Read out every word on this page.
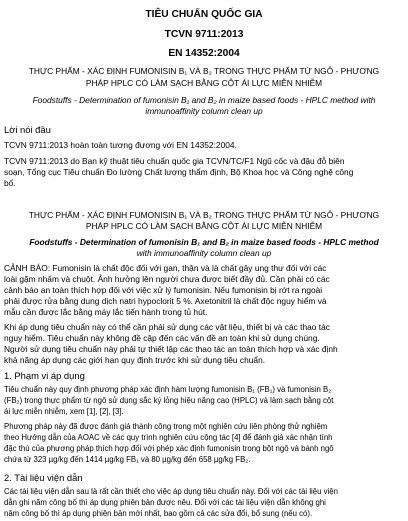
TIÊU CHUẨN QUỐC GIA
TCVN 9711:2013
EN 14352:2004
THỰC PHẨM - XÁC ĐỊNH FUMONISIN B₁ VÀ B₂ TRONG THỰC PHẨM TỪ NGÔ - PHƯƠNG
PHÁP HPLC CÓ LÀM SẠCH BẰNG CỘT ÁI LỰC MIỄN NHIỄM
Foodstuffs - Determination of fumonisin B₁ and B₂ in maize based foods - HPLC method with
immunoaffinity column clean up
Lời nói đầu
TCVN 9711:2013 hoàn toàn tương đương với EN 14352:2004.
TCVN 9711:2013 do Ban kỹ thuật tiêu chuẩn quốc gia TCVN/TC/F1 Ngũ cốc và đậu đỗ biên
soạn, Tổng cục Tiêu chuẩn Đo lường Chất lượng thẩm định, Bộ Khoa học và Công nghệ công
bố.
THỰC PHẨM - XÁC ĐỊNH FUMONISIN B₁ VÀ B₂ TRONG THỰC PHẨM TỪ NGÔ - PHƯƠNG
PHÁP HPLC CÓ LÀM SẠCH BẰNG CỘT ÁI LỰC MIỄN NHIỄM
Foodstuffs - Determination of fumonisin B₁ and B₂ in maize based foods - HPLC method
with immunoaffinity column clean up
CẢNH BÁO: Fumonisin là chất độc đối với gan, thận và là chất gây ung thư đối với các
loài gặm nhấm và chuột. Ảnh hưởng lên người chưa được biết đầy đủ. Cần phải có các
cảnh báo an toàn thích hợp đối với việc xử lý fumonisin. Nếu fumonisin bị rớt ra ngoài
phải được rửa bằng dung dịch natri hypoclorit 5 %. Axetonitril là chất độc nguy hiểm và
mẫu cần được lắc bằng máy lắc tiến hành trong tủ hút.
Khi áp dụng tiêu chuẩn này có thể cần phải sử dụng các vật liệu, thiết bị và các thao tác
nguy hiểm. Tiêu chuẩn này không đề cập đến các vấn đề an toàn khi sử dụng chúng.
Người sử dụng tiêu chuẩn này phải tự thiết lập các thao tác an toàn thích hợp và xác định
khả năng áp dụng các giới hạn quy định trước khi sử dụng tiêu chuẩn.
1. Phạm vi áp dụng
Tiêu chuẩn này quy định phương pháp xác định hàm lượng fumonisin B₁ (FB₁) và fumonisin B₂
(FB₂) trong thực phẩm từ ngô sử dụng sắc ký lỏng hiệu năng cao (HPLC) và làm sạch bằng cột
ái lực miễn nhiễm, xem [1], [2], [3].
Phương pháp này đã được đánh giá thành công trong một nghiên cứu liên phòng thử nghiệm
theo Hướng dẫn của AOAC về các quy trình nghiên cứu cộng tác [4] để đánh giá xác nhận tính
đặc thù của phương pháp thích hợp đối với phép xác định fumonisin trong bột ngô và bánh ngô
chứa từ 323 µg/kg đến 1414 µg/kg FB₁ và 80 µg/kg đến 658 µg/kg FB₂.
2. Tài liệu viện dẫn
Các tài liệu viện dẫn sau là rất cần thiết cho việc áp dụng tiêu chuẩn này. Đối với các tài liệu viện
dẫn ghi năm công bố thì áp dụng phiên bản được nêu. Đối với các tài liệu viện dẫn không ghi
năm công bố thì áp dụng phiên bản mới nhất, bao gồm cả các sửa đổi, bổ sung (nếu có).
